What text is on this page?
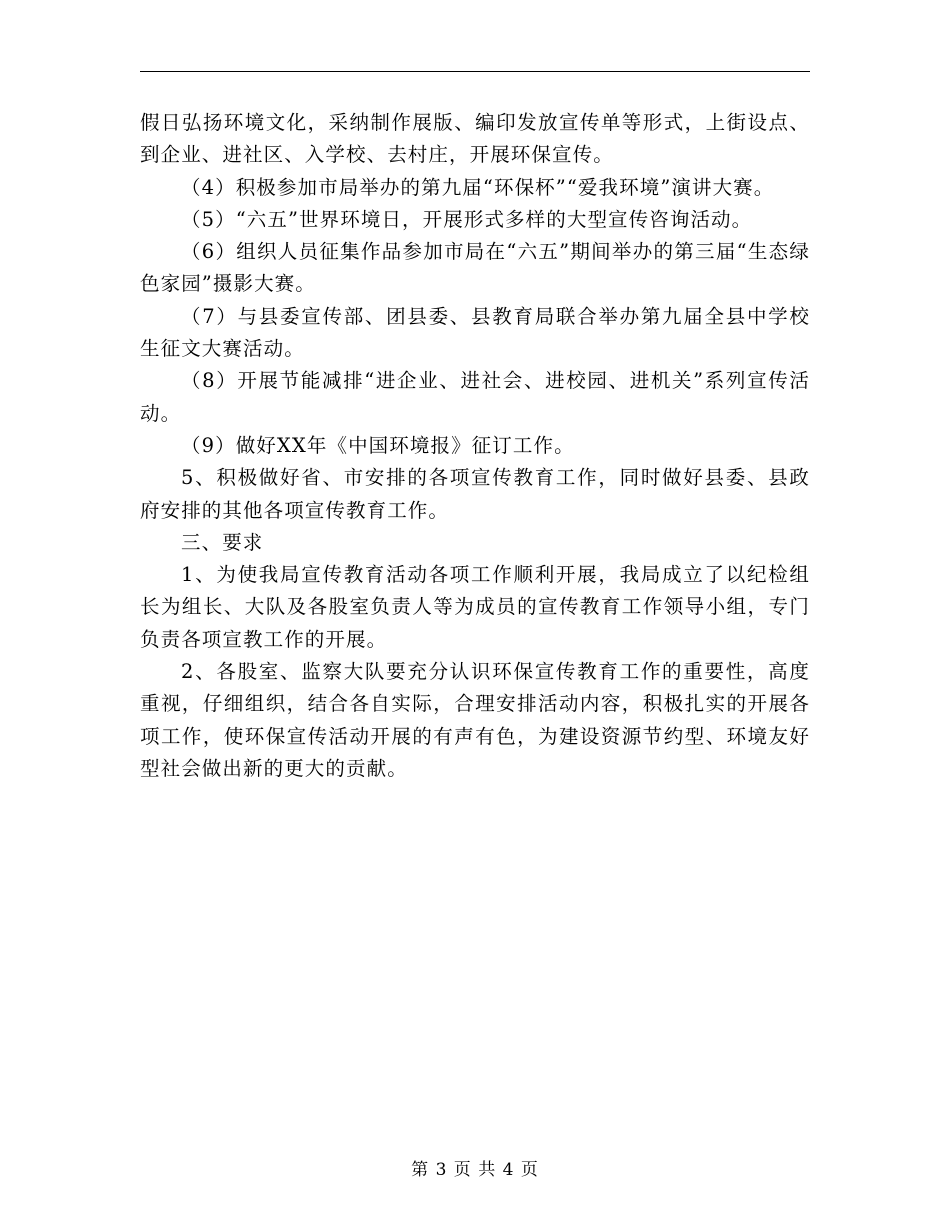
假日弘扬环境文化，采纳制作展版、编印发放宣传单等形式，上街设点、到企业、进社区、入学校、去村庄，开展环保宣传。

（4）积极参加市局举办的第九届“环保杯”“爱我环境”演讲大赛。

（5）“六五”世界环境日，开展形式多样的大型宣传咨询活动。

（6）组织人员征集作品参加市局在“六五”期间举办的第三届“生态绿色家园”摄影大赛。

（7）与县委宣传部、团县委、县教育局联合举办第九届全县中学校生征文大赛活动。

（8）开展节能减排“进企业、进社会、进校园、进机关”系列宣传活动。

（9）做好XX年《中国环境报》征订工作。

5、积极做好省、市安排的各项宣传教育工作，同时做好县委、县政府安排的其他各项宣传教育工作。

三、要求

1、为使我局宣传教育活动各项工作顺利开展，我局成立了以纪检组长为组长、大队及各股室负责人等为成员的宣传教育工作领导小组，专门负责各项宣教工作的开展。

2、各股室、监察大队要充分认识环保宣传教育工作的重要性，高度重视，仔细组织，结合各自实际，合理安排活动内容，积极扎实的开展各项工作，使环保宣传活动开展的有声有色，为建设资源节约型、环境友好型社会做出新的更大的贡献。

第 3 页 共 4 页
